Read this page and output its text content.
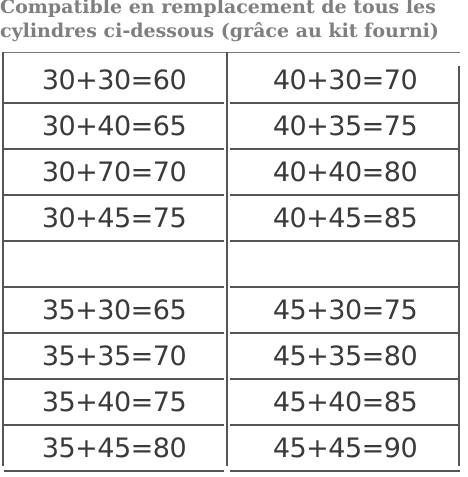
Compatible en remplacement de tous les
cylindres ci-dessous (grâce au kit fourni)
30+30=60
30+40=65
30+70=70
30+45=75
35+30=65
35+35=70
35+40=75
35+45=80
40+30=70
40+35=75
40+40=80
40+45=85
45+30=75
45+35=80
45+40=85
45+45=90
